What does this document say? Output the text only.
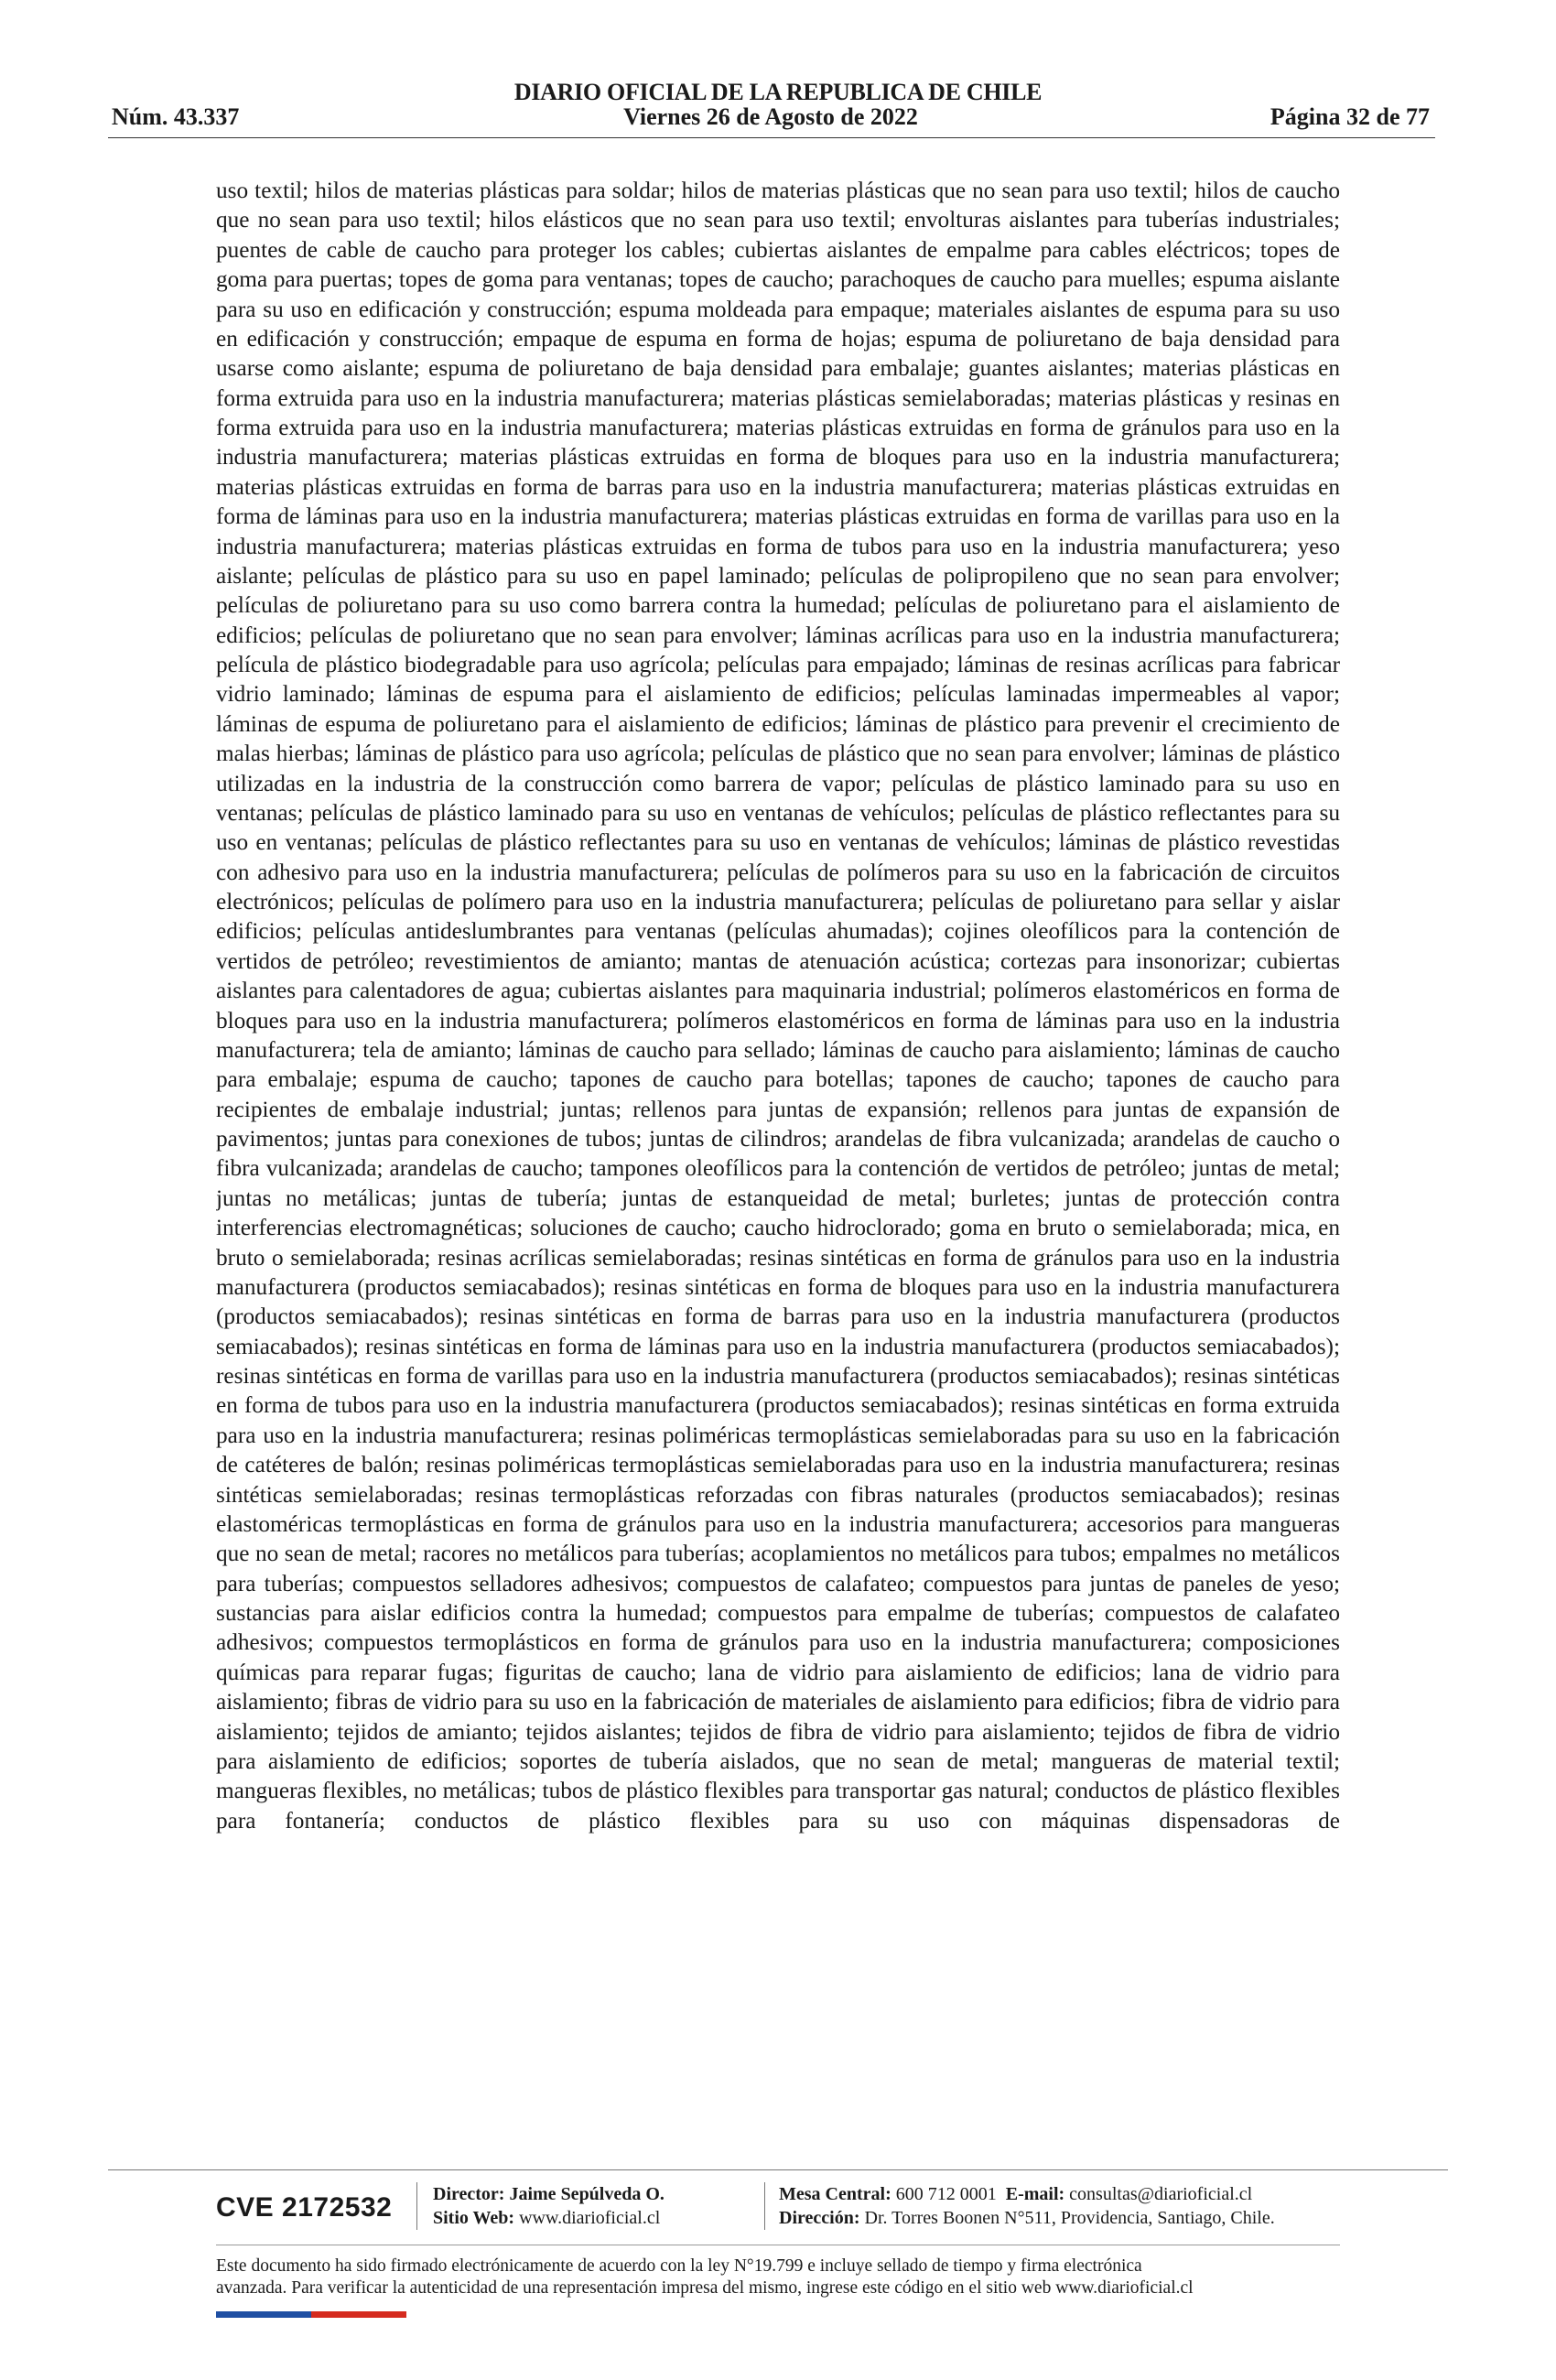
DIARIO OFICIAL DE LA REPUBLICA DE CHILE
Núm. 43.337	Viernes 26 de Agosto de 2022	Página 32 de 77

uso textil; hilos de materias plásticas para soldar; hilos de materias plásticas que no sean para uso textil; hilos de caucho que no sean para uso textil; hilos elásticos que no sean para uso textil; envolturas aislantes para tuberías industriales; puentes de cable de caucho para proteger los cables; cubiertas aislantes de empalme para cables eléctricos; topes de goma para puertas; topes de goma para ventanas; topes de caucho; parachoques de caucho para muelles; espuma aislante para su uso en edificación y construcción; espuma moldeada para empaque; materiales aislantes de espuma para su uso en edificación y construcción; empaque de espuma en forma de hojas; espuma de poliuretano de baja densidad para usarse como aislante; espuma de poliuretano de baja densidad para embalaje; guantes aislantes; materias plásticas en forma extruida para uso en la industria manufacturera; materias plásticas semielaboradas; materias plásticas y resinas en forma extruida para uso en la industria manufacturera; materias plásticas extruidas en forma de gránulos para uso en la industria manufacturera; materias plásticas extruidas en forma de bloques para uso en la industria manufacturera; materias plásticas extruidas en forma de barras para uso en la industria manufacturera; materias plásticas extruidas en forma de láminas para uso en la industria manufacturera; materias plásticas extruidas en forma de varillas para uso en la industria manufacturera; materias plásticas extruidas en forma de tubos para uso en la industria manufacturera; yeso aislante; películas de plástico para su uso en papel laminado; películas de polipropileno que no sean para envolver; películas de poliuretano para su uso como barrera contra la humedad; películas de poliuretano para el aislamiento de edificios; películas de poliuretano que no sean para envolver; láminas acrílicas para uso en la industria manufacturera; película de plástico biodegradable para uso agrícola; películas para empajado; láminas de resinas acrílicas para fabricar vidrio laminado; láminas de espuma para el aislamiento de edificios; películas laminadas impermeables al vapor; láminas de espuma de poliuretano para el aislamiento de edificios; láminas de plástico para prevenir el crecimiento de malas hierbas; láminas de plástico para uso agrícola; películas de plástico que no sean para envolver; láminas de plástico utilizadas en la industria de la construcción como barrera de vapor; películas de plástico laminado para su uso en ventanas; películas de plástico laminado para su uso en ventanas de vehículos; películas de plástico reflectantes para su uso en ventanas; películas de plástico reflectantes para su uso en ventanas de vehículos; láminas de plástico revestidas con adhesivo para uso en la industria manufacturera; películas de polímeros para su uso en la fabricación de circuitos electrónicos; películas de polímero para uso en la industria manufacturera; películas de poliuretano para sellar y aislar edificios; películas antideslumbrantes para ventanas (películas ahumadas); cojines oleofílicos para la contención de vertidos de petróleo; revestimientos de amianto; mantas de atenuación acústica; cortezas para insonorizar; cubiertas aislantes para calentadores de agua; cubiertas aislantes para maquinaria industrial; polímeros elastoméricos en forma de bloques para uso en la industria manufacturera; polímeros elastoméricos en forma de láminas para uso en la industria manufacturera; tela de amianto; láminas de caucho para sellado; láminas de caucho para aislamiento; láminas de caucho para embalaje; espuma de caucho; tapones de caucho para botellas; tapones de caucho; tapones de caucho para recipientes de embalaje industrial; juntas; rellenos para juntas de expansión; rellenos para juntas de expansión de pavimentos; juntas para conexiones de tubos; juntas de cilindros; arandelas de fibra vulcanizada; arandelas de caucho o fibra vulcanizada; arandelas de caucho; tampones oleofílicos para la contención de vertidos de petróleo; juntas de metal; juntas no metálicas; juntas de tubería; juntas de estanqueidad de metal; burletes; juntas de protección contra interferencias electromagnéticas; soluciones de caucho; caucho hidroclorado; goma en bruto o semielaborada; mica, en bruto o semielaborada; resinas acrílicas semielaboradas; resinas sintéticas en forma de gránulos para uso en la industria manufacturera (productos semiacabados); resinas sintéticas en forma de bloques para uso en la industria manufacturera (productos semiacabados); resinas sintéticas en forma de barras para uso en la industria manufacturera (productos semiacabados); resinas sintéticas en forma de láminas para uso en la industria manufacturera (productos semiacabados); resinas sintéticas en forma de varillas para uso en la industria manufacturera (productos semiacabados); resinas sintéticas en forma de tubos para uso en la industria manufacturera (productos semiacabados); resinas sintéticas en forma extruida para uso en la industria manufacturera; resinas poliméricas termoplásticas semielaboradas para su uso en la fabricación de catéteres de balón; resinas poliméricas termoplásticas semielaboradas para uso en la industria manufacturera; resinas sintéticas semielaboradas; resinas termoplásticas reforzadas con fibras naturales (productos semiacabados); resinas elastoméricas termoplásticas en forma de gránulos para uso en la industria manufacturera; accesorios para mangueras que no sean de metal; racores no metálicos para tuberías; acoplamientos no metálicos para tubos; empalmes no metálicos para tuberías; compuestos selladores adhesivos; compuestos de calafateo; compuestos para juntas de paneles de yeso; sustancias para aislar edificios contra la humedad; compuestos para empalme de tuberías; compuestos de calafateo adhesivos; compuestos termoplásticos en forma de gránulos para uso en la industria manufacturera; composiciones químicas para reparar fugas; figuritas de caucho; lana de vidrio para aislamiento de edificios; lana de vidrio para aislamiento; fibras de vidrio para su uso en la fabricación de materiales de aislamiento para edificios; fibra de vidrio para aislamiento; tejidos de amianto; tejidos aislantes; tejidos de fibra de vidrio para aislamiento; tejidos de fibra de vidrio para aislamiento de edificios; soportes de tubería aislados, que no sean de metal; mangueras de material textil; mangueras flexibles, no metálicas; tubos de plástico flexibles para transportar gas natural; conductos de plástico flexibles para fontanería; conductos de plástico flexibles para su uso con máquinas dispensadoras de

CVE 2172532 Director: Jaime Sepúlveda O.
Sitio Web: www.diarioficial.cl
Mesa Central: 600 712 0001 E-mail: consultas@diarioficial.cl
Dirección: Dr. Torres Boonen N°511, Providencia, Santiago, Chile.
Este documento ha sido firmado electrónicamente de acuerdo con la ley N°19.799 e incluye sellado de tiempo y firma electrónica
avanzada. Para verificar la autenticidad de una representación impresa del mismo, ingrese este código en el sitio web www.diarioficial.cl
